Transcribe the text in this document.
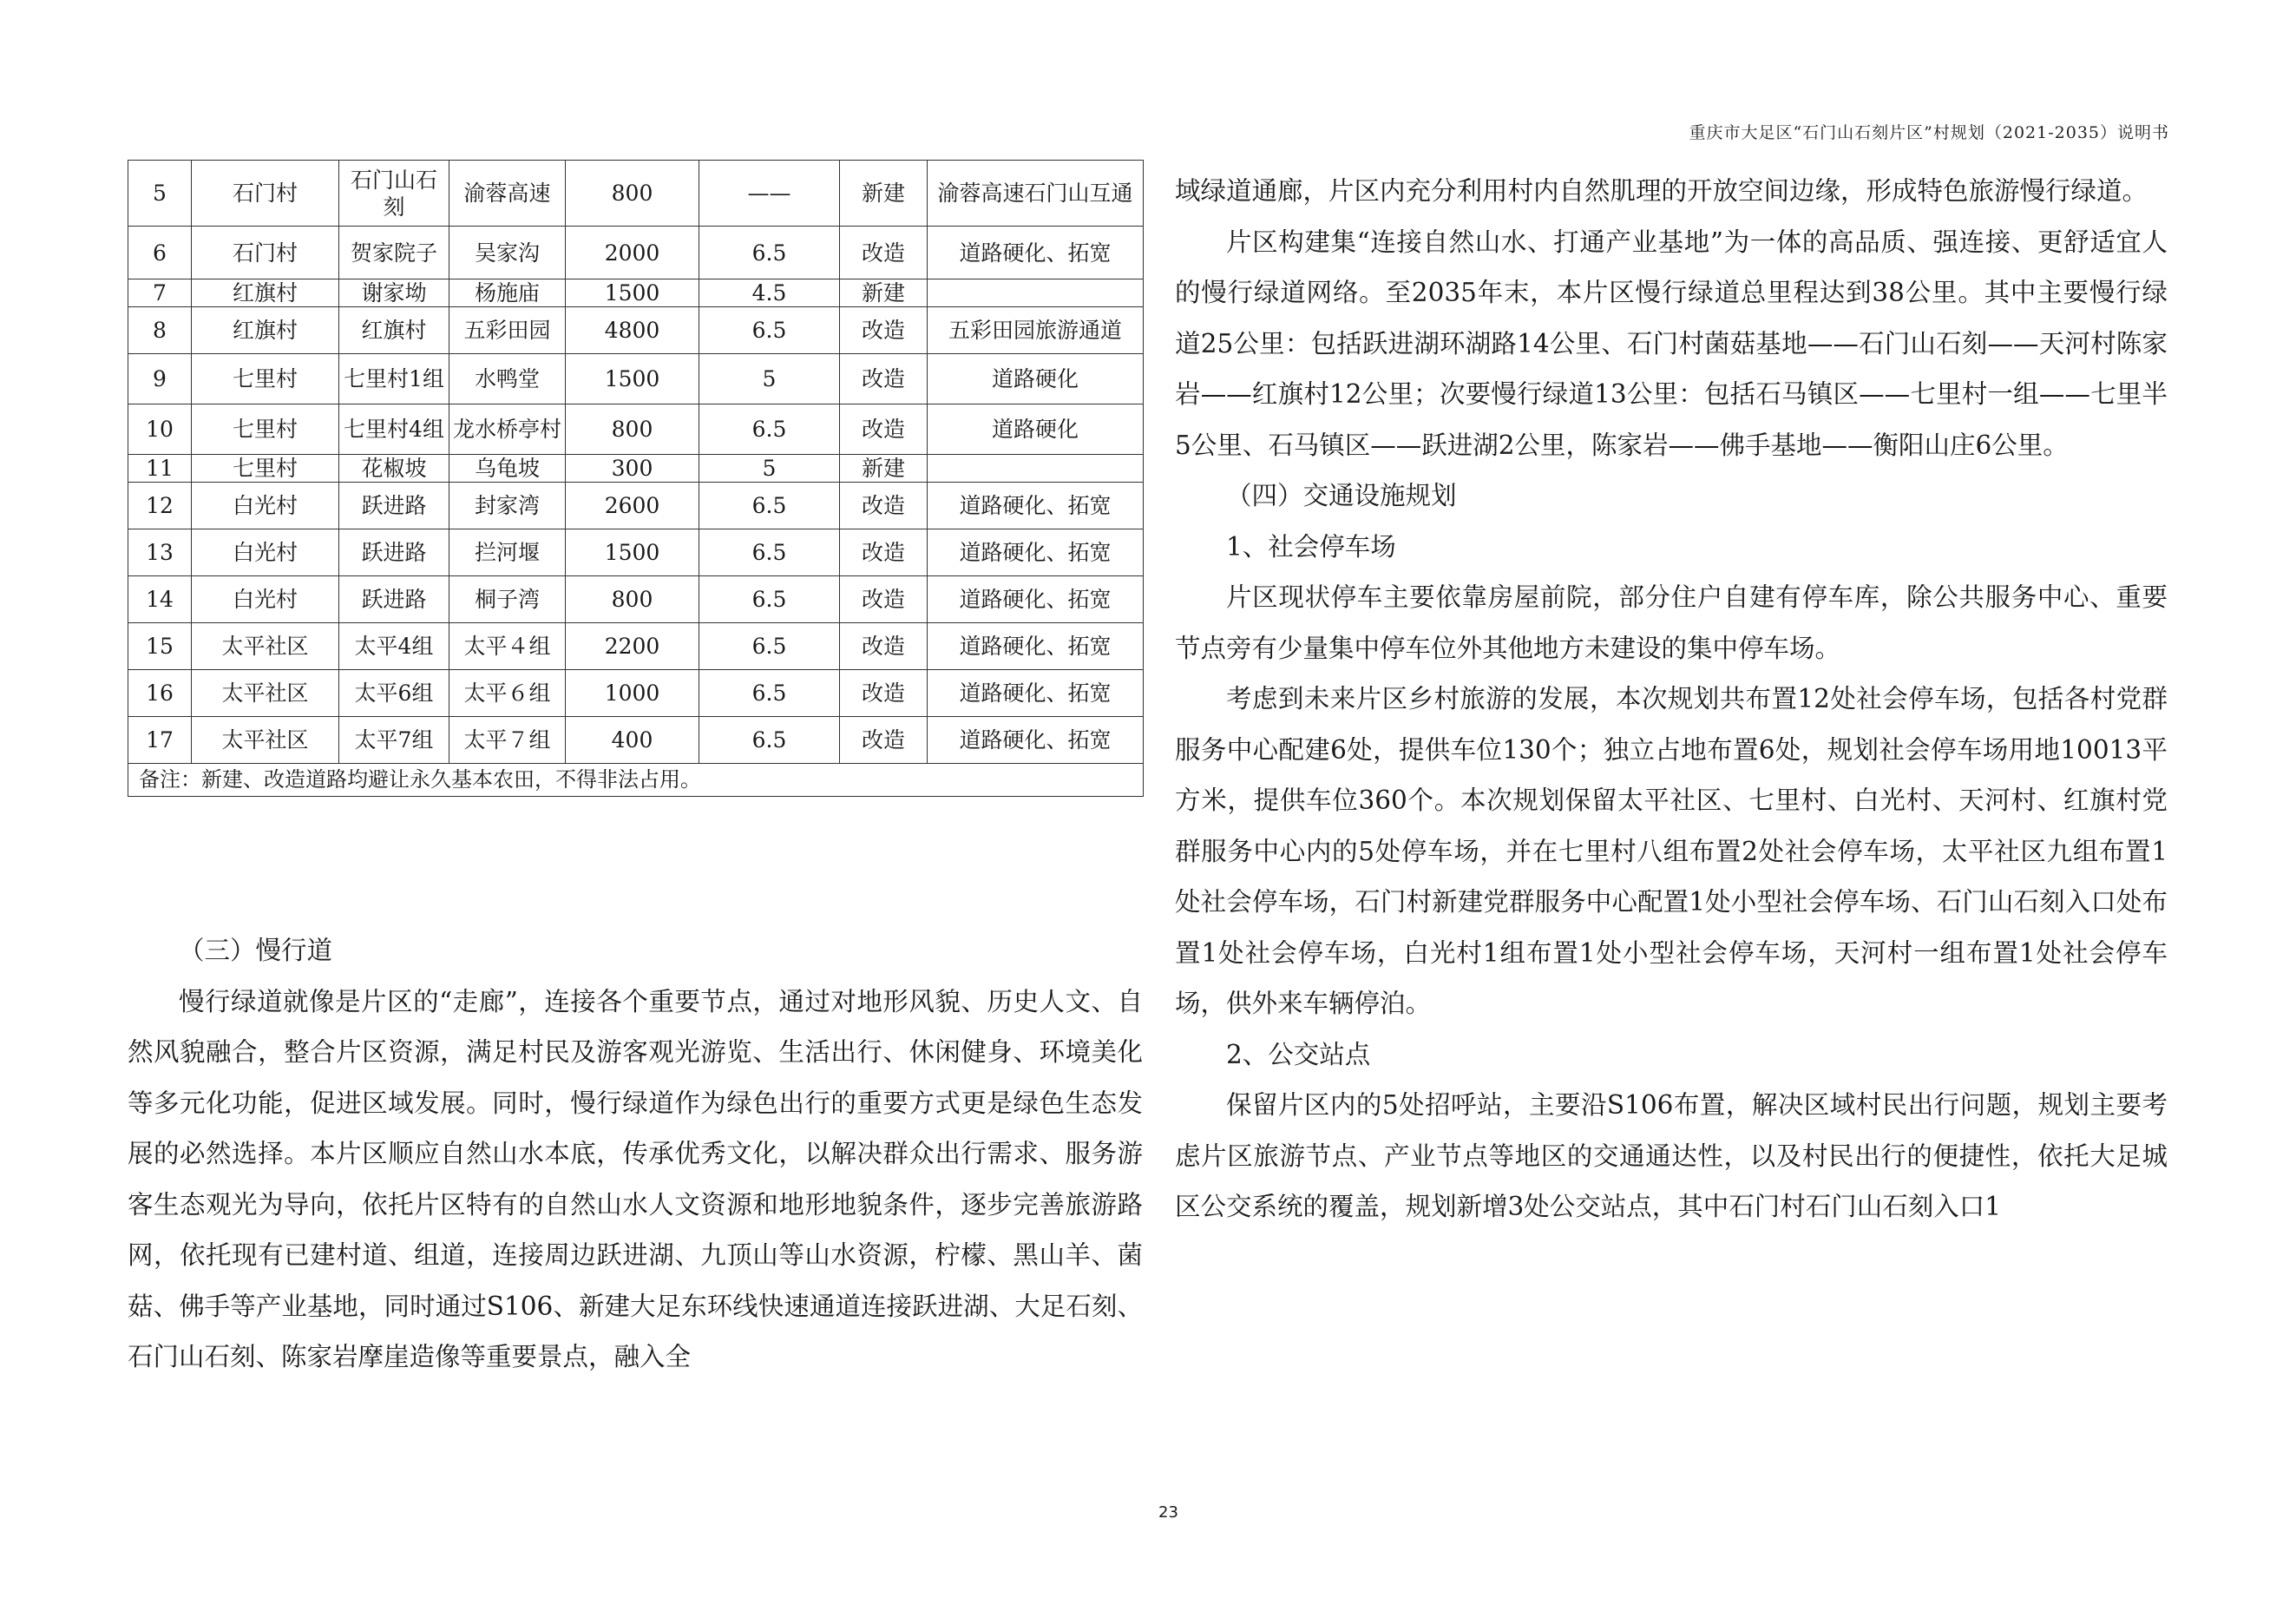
重庆市大足区“石门山石刻片区”村规划（2021-2035）说明书
5	石门村	石门山石刻	渝蓉高速	800	——	新建	渝蓉高速石门山互通
6	石门村	贺家院子	吴家沟	2000	6.5	改造	道路硬化、拓宽
7	红旗村	谢家坳	杨施庙	1500	4.5	新建	
8	红旗村	红旗村	五彩田园	4800	6.5	改造	五彩田园旅游通道
9	七里村	七里村1组	水鸭堂	1500	5	改造	道路硬化
10	七里村	七里村4组	龙水桥亭村	800	6.5	改造	道路硬化
11	七里村	花椒坡	乌龟坡	300	5	新建	
12	白光村	跃进路	封家湾	2600	6.5	改造	道路硬化、拓宽
13	白光村	跃进路	拦河堰	1500	6.5	改造	道路硬化、拓宽
14	白光村	跃进路	桐子湾	800	6.5	改造	道路硬化、拓宽
15	太平社区	太平4组	太平４组	2200	6.5	改造	道路硬化、拓宽
16	太平社区	太平6组	太平６组	1000	6.5	改造	道路硬化、拓宽
17	太平社区	太平7组	太平７组	400	6.5	改造	道路硬化、拓宽
备注：新建、改造道路均避让永久基本农田，不得非法占用。							

（三）慢行道

慢行绿道就像是片区的“走廊”，连接各个重要节点，通过对地形风貌、历史人文、自然风貌融合，整合片区资源，满足村民及游客观光游览、生活出行、休闲健身、环境美化等多元化功能，促进区域发展。同时，慢行绿道作为绿色出行的重要方式更是绿色生态发展的必然选择。本片区顺应自然山水本底，传承优秀文化，以解决群众出行需求、服务游客生态观光为导向，依托片区特有的自然山水人文资源和地形地貌条件，逐步完善旅游路网，依托现有已建村道、组道，连接周边跃进湖、九顶山等山水资源，柠檬、黑山羊、菌菇、佛手等产业基地，同时通过S106、新建大足东环线快速通道连接跃进湖、大足石刻、石门山石刻、陈家岩摩崖造像等重要景点，融入全

域绿道通廊，片区内充分利用村内自然肌理的开放空间边缘，形成特色旅游慢行绿道。

片区构建集“连接自然山水、打通产业基地”为一体的高品质、强连接、更舒适宜人的慢行绿道网络。至2035年末，本片区慢行绿道总里程达到38公里。其中主要慢行绿道25公里：包括跃进湖环湖路14公里、石门村菌菇基地——石门山石刻——天河村陈家岩——红旗村12公里；次要慢行绿道13公里：包括石马镇区——七里村一组——七里半5公里、石马镇区——跃进湖2公里，陈家岩——佛手基地——衡阳山庄6公里。

（四）交通设施规划

1、社会停车场

片区现状停车主要依靠房屋前院，部分住户自建有停车库，除公共服务中心、重要节点旁有少量集中停车位外其他地方未建设的集中停车场。

考虑到未来片区乡村旅游的发展，本次规划共布置12处社会停车场，包括各村党群服务中心配建6处，提供车位130个；独立占地布置6处，规划社会停车场用地10013平方米，提供车位360个。本次规划保留太平社区、七里村、白光村、天河村、红旗村党群服务中心内的5处停车场，并在七里村八组布置2处社会停车场，太平社区九组布置1处社会停车场，石门村新建党群服务中心配置1处小型社会停车场、石门山石刻入口处布置1处社会停车场，白光村1组布置1处小型社会停车场，天河村一组布置1处社会停车场，供外来车辆停泊。

2、公交站点

保留片区内的5处招呼站，主要沿S106布置，解决区域村民出行问题，规划主要考虑片区旅游节点、产业节点等地区的交通通达性，以及村民出行的便捷性，依托大足城区公交系统的覆盖，规划新增3处公交站点，其中石门村石门山石刻入口1

23
